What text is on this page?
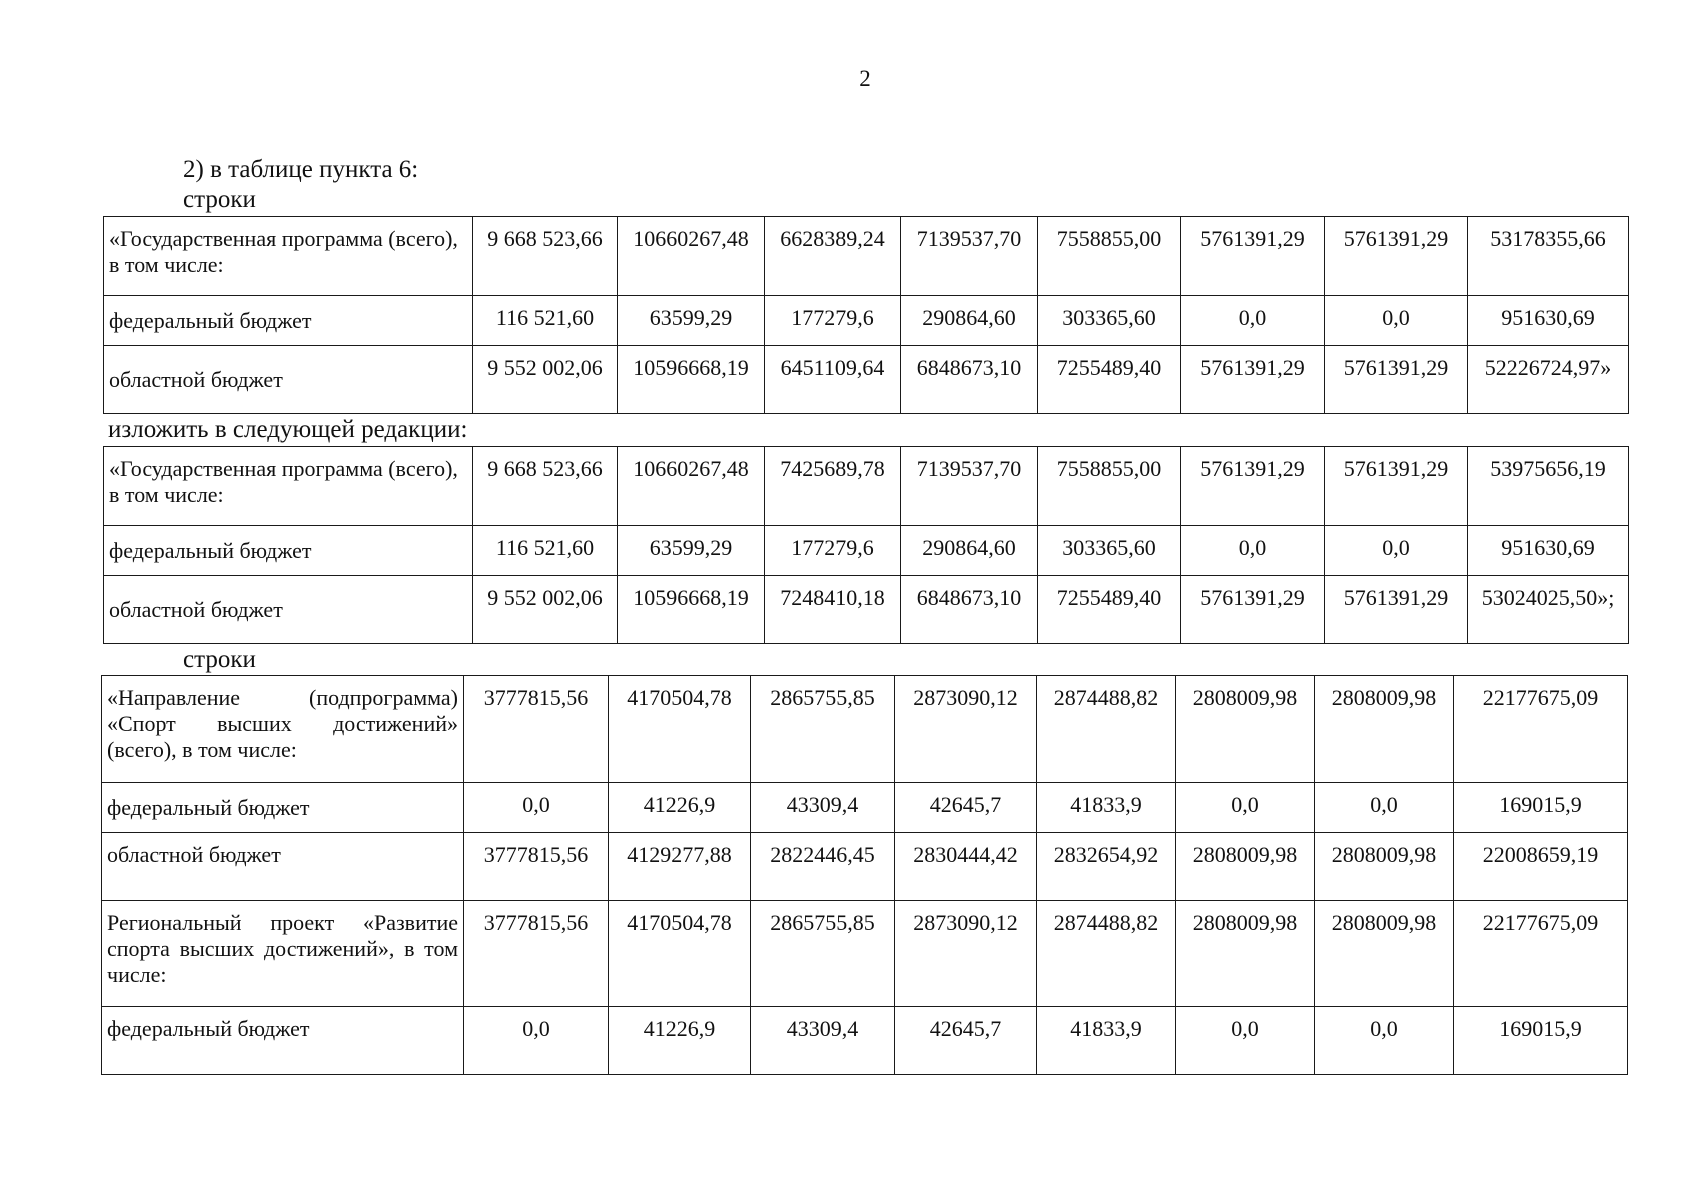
2
2) в таблице пункта 6:
строки
«Государственная программа (всего), в том числе:	9 668 523,66	10660267,48	6628389,24	7139537,70	7558855,00	5761391,29	5761391,29	53178355,66
федеральный бюджет	116 521,60	63599,29	177279,6	290864,60	303365,60	0,0	0,0	951630,69
областной бюджет	9 552 002,06	10596668,19	6451109,64	6848673,10	7255489,40	5761391,29	5761391,29	52226724,97»
изложить в следующей редакции:
«Государственная программа (всего), в том числе:	9 668 523,66	10660267,48	7425689,78	7139537,70	7558855,00	5761391,29	5761391,29	53975656,19
федеральный бюджет	116 521,60	63599,29	177279,6	290864,60	303365,60	0,0	0,0	951630,69
областной бюджет	9 552 002,06	10596668,19	7248410,18	6848673,10	7255489,40	5761391,29	5761391,29	53024025,50»;
строки
«Направление (подпрограмма) «Спорт высших достижений» (всего), в том числе:	3777815,56	4170504,78	2865755,85	2873090,12	2874488,82	2808009,98	2808009,98	22177675,09
федеральный бюджет	0,0	41226,9	43309,4	42645,7	41833,9	0,0	0,0	169015,9
областной бюджет	3777815,56	4129277,88	2822446,45	2830444,42	2832654,92	2808009,98	2808009,98	22008659,19
Региональный проект «Развитие спорта высших достижений», в том числе:	3777815,56	4170504,78	2865755,85	2873090,12	2874488,82	2808009,98	2808009,98	22177675,09
федеральный бюджет	0,0	41226,9	43309,4	42645,7	41833,9	0,0	0,0	169015,9
